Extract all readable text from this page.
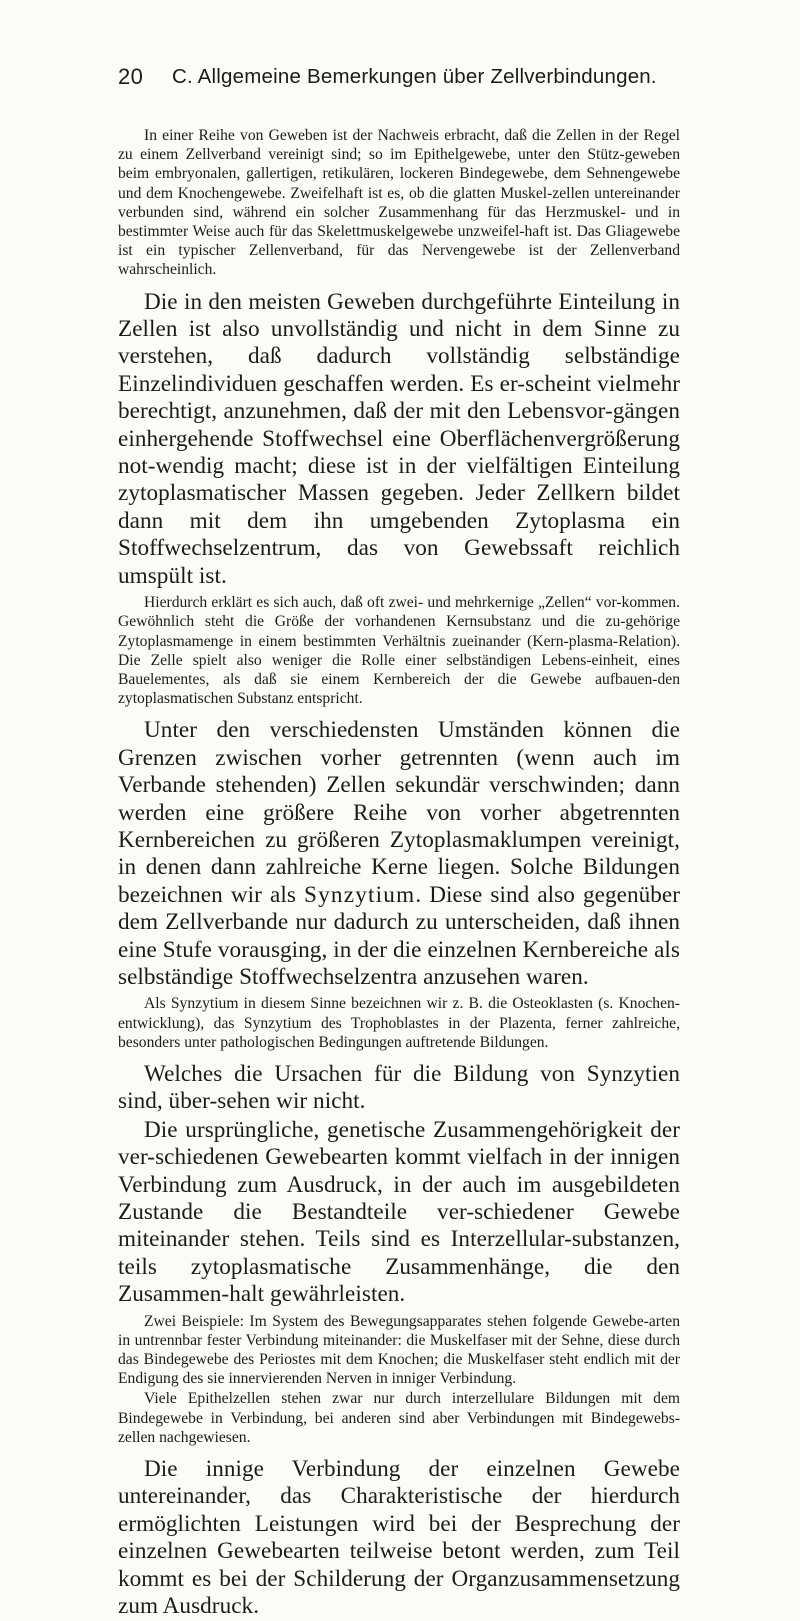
20 C. Allgemeine Bemerkungen über Zellverbindungen.

In einer Reihe von Geweben ist der Nachweis erbracht, daß die Zellen in der Regel zu einem Zellverband vereinigt sind; so im Epithelgewebe, unter den Stütz-geweben beim embryonalen, gallertigen, retikulären, lockeren Bindegewebe, dem Sehnengewebe und dem Knochengewebe. Zweifelhaft ist es, ob die glatten Muskel-zellen untereinander verbunden sind, während ein solcher Zusammenhang für das Herzmuskel- und in bestimmter Weise auch für das Skelettmuskelgewebe unzweifel-haft ist. Das Gliagewebe ist ein typischer Zellenverband, für das Nervengewebe ist der Zellenverband wahrscheinlich.

Die in den meisten Geweben durchgeführte Einteilung in Zellen ist also unvollständig und nicht in dem Sinne zu verstehen, daß dadurch vollständig selbständige Einzelindividuen geschaffen werden. Es er-scheint vielmehr berechtigt, anzunehmen, daß der mit den Lebensvor-gängen einhergehende Stoffwechsel eine Oberflächenvergrößerung not-wendig macht; diese ist in der vielfältigen Einteilung zytoplasmatischer Massen gegeben. Jeder Zellkern bildet dann mit dem ihn umgebenden Zytoplasma ein Stoffwechselzentrum, das von Gewebssaft reichlich umspült ist.

Hierdurch erklärt es sich auch, daß oft zwei- und mehrkernige „Zellen“ vor-kommen. Gewöhnlich steht die Größe der vorhandenen Kernsubstanz und die zu-gehörige Zytoplasmamenge in einem bestimmten Verhältnis zueinander (Kern-plasma-Relation). Die Zelle spielt also weniger die Rolle einer selbständigen Lebens-einheit, eines Bauelementes, als daß sie einem Kernbereich der die Gewebe aufbauen-den zytoplasmatischen Substanz entspricht.

Unter den verschiedensten Umständen können die Grenzen zwischen vorher getrennten (wenn auch im Verbande stehenden) Zellen sekundär verschwinden; dann werden eine größere Reihe von vorher abgetrennten Kernbereichen zu größeren Zytoplasmaklumpen vereinigt, in denen dann zahlreiche Kerne liegen. Solche Bildungen bezeichnen wir als Synzytium. Diese sind also gegenüber dem Zellverbande nur dadurch zu unterscheiden, daß ihnen eine Stufe vorausging, in der die einzelnen Kernbereiche als selbständige Stoffwechselzentra anzusehen waren.

Als Synzytium in diesem Sinne bezeichnen wir z. B. die Osteoklasten (s. Knochen-entwicklung), das Synzytium des Trophoblastes in der Plazenta, ferner zahlreiche, besonders unter pathologischen Bedingungen auftretende Bildungen.

Welches die Ursachen für die Bildung von Synzytien sind, über-sehen wir nicht.

Die ursprüngliche, genetische Zusammengehörigkeit der ver-schiedenen Gewebearten kommt vielfach in der innigen Verbindung zum Ausdruck, in der auch im ausgebildeten Zustande die Bestandteile ver-schiedener Gewebe miteinander stehen. Teils sind es Interzellular-substanzen, teils zytoplasmatische Zusammenhänge, die den Zusammen-halt gewährleisten.

Zwei Beispiele: Im System des Bewegungsapparates stehen folgende Gewebe-arten in untrennbar fester Verbindung miteinander: die Muskelfaser mit der Sehne, diese durch das Bindegewebe des Periostes mit dem Knochen; die Muskelfaser steht endlich mit der Endigung des sie innervierenden Nerven in inniger Verbindung.

Viele Epithelzellen stehen zwar nur durch interzellulare Bildungen mit dem Bindegewebe in Verbindung, bei anderen sind aber Verbindungen mit Bindegewebs-zellen nachgewiesen.

Die innige Verbindung der einzelnen Gewebe untereinander, das Charakteristische der hierdurch ermöglichten Leistungen wird bei der Besprechung der einzelnen Gewebearten teilweise betont werden, zum Teil kommt es bei der Schilderung der Organzusammensetzung zum Ausdruck.
